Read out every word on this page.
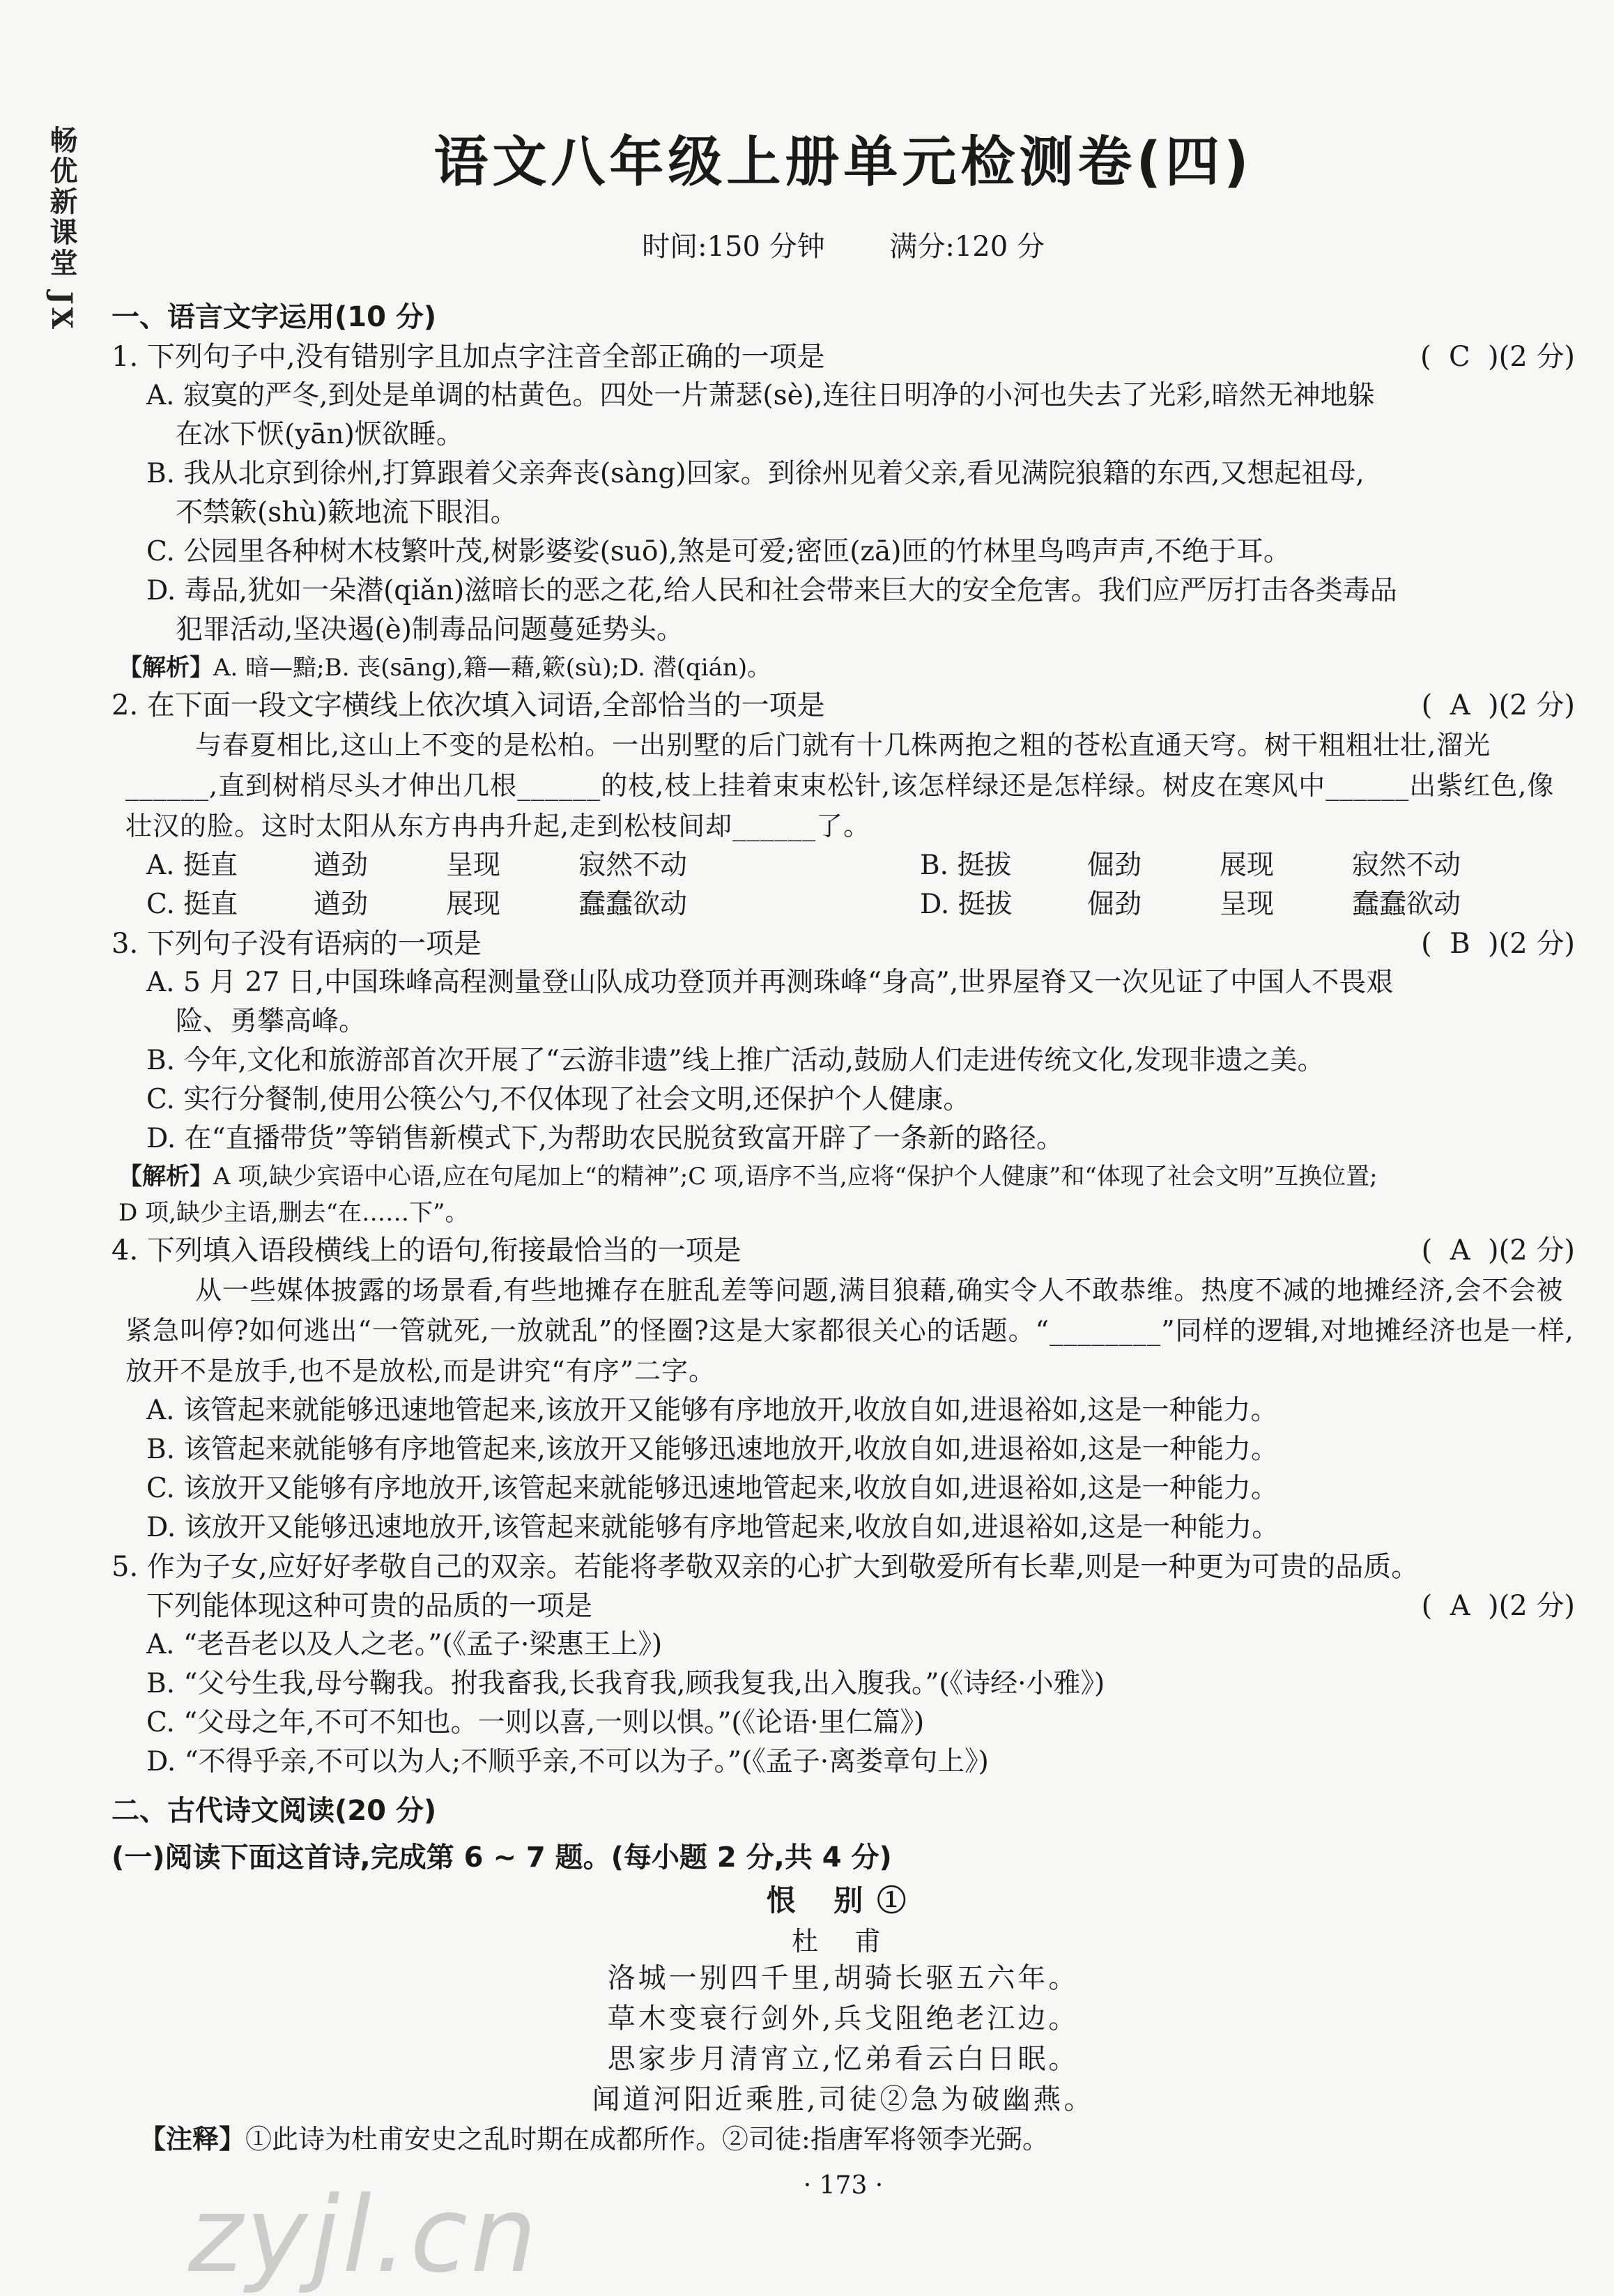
畅优新课堂 JX	语文八年级上册单元检测卷(四)
时间:150 分钟 满分:120 分
一、语言文字运用(10 分)
1. 下列句子中,没有错别字且加点字注音全部正确的一项是	(  C  )(2 分)
A. 寂寞的严冬,到处是单调的枯黄色。四处一片萧瑟(sè),连往日明净的小河也失去了光彩,暗然无神地躲
在冰下恹(yān)恹欲睡。
B. 我从北京到徐州,打算跟着父亲奔丧(sàng)回家。到徐州见着父亲,看见满院狼籍的东西,又想起祖母,
不禁簌(shù)簌地流下眼泪。
C. 公园里各种树木枝繁叶茂,树影婆娑(suō),煞是可爱;密匝(zā)匝的竹林里鸟鸣声声,不绝于耳。
D. 毒品,犹如一朵潜(qiǎn)滋暗长的恶之花,给人民和社会带来巨大的安全危害。我们应严厉打击各类毒品
犯罪活动,坚决遏(è)制毒品问题蔓延势头。
【解析】A. 暗—黯;B. 丧(sāng),籍—藉,簌(sù);D. 潜(qián)。
2. 在下面一段文字横线上依次填入词语,全部恰当的一项是	(  A  )(2 分)
与春夏相比,这山上不变的是松柏。一出别墅的后门就有十几株两抱之粗的苍松直通天穹。树干粗粗壮壮,溜光______,直到树梢尽头才伸出几根______的枝,枝上挂着束束松针,该怎样绿还是怎样绿。树皮在寒风中______出紫红色,像壮汉的脸。这时太阳从东方冉冉升起,走到松枝间却______了。
A. 挺直	遒劲	呈现	寂然不动	B. 挺拔	倔劲	展现	寂然不动
C. 挺直	遒劲	展现	蠢蠢欲动	D. 挺拔	倔劲	呈现	蠢蠢欲动
3. 下列句子没有语病的一项是	(  B  )(2 分)
A. 5 月 27 日,中国珠峰高程测量登山队成功登顶并再测珠峰“身高”,世界屋脊又一次见证了中国人不畏艰
险、勇攀高峰。
B. 今年,文化和旅游部首次开展了“云游非遗”线上推广活动,鼓励人们走进传统文化,发现非遗之美。
C. 实行分餐制,使用公筷公勺,不仅体现了社会文明,还保护个人健康。
D. 在“直播带货”等销售新模式下,为帮助农民脱贫致富开辟了一条新的路径。
【解析】A 项,缺少宾语中心语,应在句尾加上“的精神”;C 项,语序不当,应将“保护个人健康”和“体现了社会文明”互换位置;
D 项,缺少主语,删去“在……下”。
4. 下列填入语段横线上的语句,衔接最恰当的一项是	(  A  )(2 分)
从一些媒体披露的场景看,有些地摊存在脏乱差等问题,满目狼藉,确实令人不敢恭维。热度不减的地摊经济,会不会被紧急叫停?如何逃出“一管就死,一放就乱”的怪圈?这是大家都很关心的话题。“________”同样的逻辑,对地摊经济也是一样,放开不是放手,也不是放松,而是讲究“有序”二字。
A. 该管起来就能够迅速地管起来,该放开又能够有序地放开,收放自如,进退裕如,这是一种能力。
B. 该管起来就能够有序地管起来,该放开又能够迅速地放开,收放自如,进退裕如,这是一种能力。
C. 该放开又能够有序地放开,该管起来就能够迅速地管起来,收放自如,进退裕如,这是一种能力。
D. 该放开又能够迅速地放开,该管起来就能够有序地管起来,收放自如,进退裕如,这是一种能力。
5. 作为子女,应好好孝敬自己的双亲。若能将孝敬双亲的心扩大到敬爱所有长辈,则是一种更为可贵的品质。
下列能体现这种可贵的品质的一项是	(  A  )(2 分)
A. “老吾老以及人之老。”(《孟子·梁惠王上》)
B. “父兮生我,母兮鞠我。拊我畜我,长我育我,顾我复我,出入腹我。”(《诗经·小雅》)
C. “父母之年,不可不知也。一则以喜,一则以惧。”(《论语·里仁篇》)
D. “不得乎亲,不可以为人;不顺乎亲,不可以为子。”(《孟子·离娄章句上》)
二、古代诗文阅读(20 分)
(一)阅读下面这首诗,完成第 6 ~ 7 题。(每小题 2 分,共 4 分)
恨 别①
杜 甫
洛城一别四千里,胡骑长驱五六年。
草木变衰行剑外,兵戈阻绝老江边。
思家步月清宵立,忆弟看云白日眠。
闻道河阳近乘胜,司徒②急为破幽燕。
【注释】①此诗为杜甫安史之乱时期在成都所作。②司徒:指唐军将领李光弼。
· 173 ·
zyjl.cn
